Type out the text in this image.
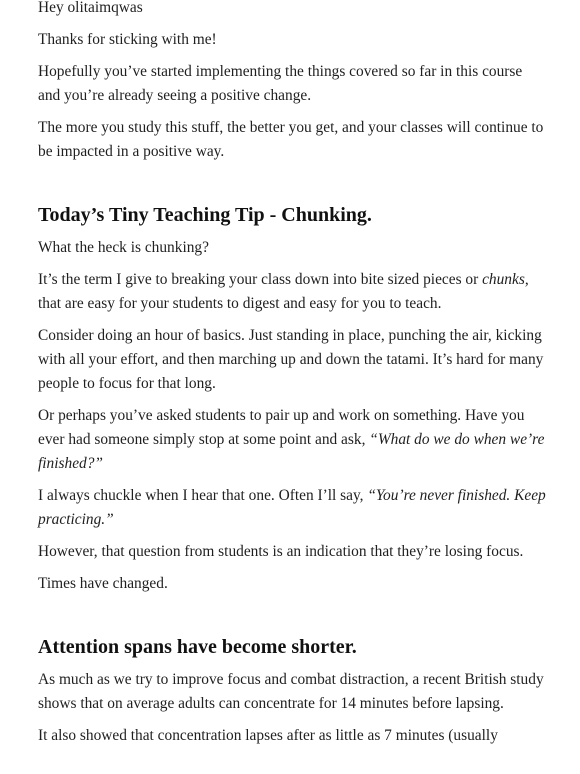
Hey olitaimqwas

Thanks for sticking with me!

Hopefully you’ve started implementing the things covered so far in this course and you’re already seeing a positive change.

The more you study this stuff, the better you get, and your classes will continue to be impacted in a positive way.

Today’s Tiny Teaching Tip - Chunking.

What the heck is chunking?

It’s the term I give to breaking your class down into bite sized pieces or chunks, that are easy for your students to digest and easy for you to teach.

Consider doing an hour of basics. Just standing in place, punching the air, kicking with all your effort, and then marching up and down the tatami. It’s hard for many people to focus for that long.

Or perhaps you’ve asked students to pair up and work on something. Have you ever had someone simply stop at some point and ask, “What do we do when we’re finished?”

I always chuckle when I hear that one. Often I’ll say, “You’re never finished. Keep practicing.”

However, that question from students is an indication that they’re losing focus.

Times have changed.

Attention spans have become shorter.

As much as we try to improve focus and combat distraction, a recent British study shows that on average adults can concentrate for 14 minutes before lapsing.

It also showed that concentration lapses after as little as 7 minutes (usually
